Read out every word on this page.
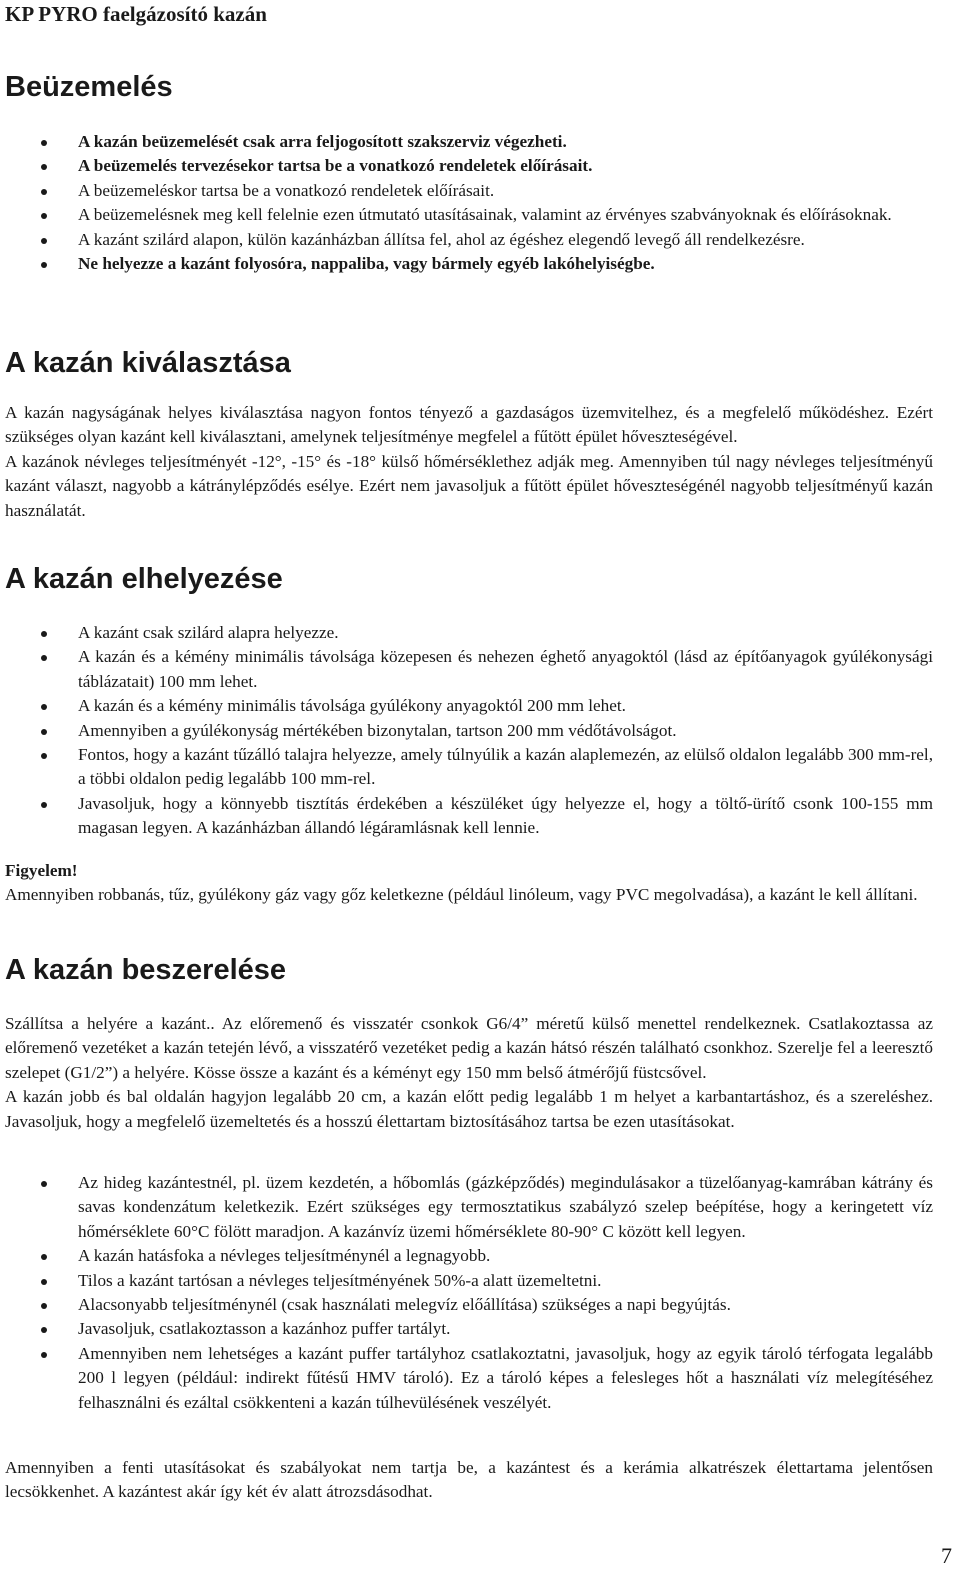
KP PYRO faelgázosító kazán
Beüzemelés
A kazán beüzemelését csak arra feljogosított szakszerviz végezheti.
A beüzemelés tervezésekor tartsa be a vonatkozó rendeletek előírásait.
A beüzemeléskor tartsa be a vonatkozó rendeletek előírásait.
A beüzemelésnek meg kell felelnie ezen útmutató utasításainak, valamint az érvényes szabványoknak és előírásoknak.
A kazánt szilárd alapon, külön kazánházban állítsa fel, ahol az égéshez elegendő levegő áll rendelkezésre.
Ne helyezze a kazánt folyosóra, nappaliba, vagy bármely egyéb lakóhelyiségbe.
A kazán kiválasztása

A kazán nagyságának helyes kiválasztása nagyon fontos tényező a gazdaságos üzemvitelhez, és a megfelelő működéshez. Ezért szükséges olyan kazánt kell kiválasztani, amelynek teljesítménye megfelel a fűtött épület hőveszteségével.

A kazánok névleges teljesítményét -12°, -15° és -18° külső hőmérséklethez adják meg. Amennyiben túl nagy névleges teljesítményű kazánt választ, nagyobb a kátránylépződés esélye. Ezért nem javasoljuk a fűtött épület hőveszteségénél nagyobb teljesítményű kazán használatát.

A kazán elhelyezése
A kazánt csak szilárd alapra helyezze.
A kazán és a kémény minimális távolsága közepesen és nehezen éghető anyagoktól (lásd az építőanyagok gyúlékonysági táblázatait) 100 mm lehet.
A kazán és a kémény minimális távolsága gyúlékony anyagoktól 200 mm lehet.
Amennyiben a gyúlékonyság mértékében bizonytalan, tartson 200 mm védőtávolságot.
Fontos, hogy a kazánt tűzálló talajra helyezze, amely túlnyúlik a kazán alaplemezén, az elülső oldalon legalább 300 mm-rel, a többi oldalon pedig legalább 100 mm-rel.
Javasoljuk, hogy a könnyebb tisztítás érdekében a készüléket úgy helyezze el, hogy a töltő-ürítő csonk 100-155 mm magasan legyen. A kazánházban állandó légáramlásnak kell lennie.

Figyelem!

Amennyiben robbanás, tűz, gyúlékony gáz vagy gőz keletkezne (például linóleum, vagy PVC megolvadása), a kazánt le kell állítani.

A kazán beszerelése

Szállítsa a helyére a kazánt.. Az előremenő és visszatér csonkok G6/4” méretű külső menettel rendelkeznek. Csatlakoztassa az előremenő vezetéket a kazán tetején lévő, a visszatérő vezetéket pedig a kazán hátsó részén található csonkhoz. Szerelje fel a leeresztő szelepet (G1/2”) a helyére. Kösse össze a kazánt és a kéményt egy 150 mm belső átmérőjű füstcsővel.

A kazán jobb és bal oldalán hagyjon legalább 20 cm, a kazán előtt pedig legalább 1 m helyet a karbantartáshoz, és a szereléshez. Javasoljuk, hogy a megfelelő üzemeltetés és a hosszú élettartam biztosításához tartsa be ezen utasításokat.

Az hideg kazántestnél, pl. üzem kezdetén, a hőbomlás (gázképződés) megindulásakor a tüzelőanyag-kamrában kátrány és savas kondenzátum keletkezik. Ezért szükséges egy termosztatikus szabályzó szelep beépítése, hogy a keringetett víz hőmérséklete 60°C fölött maradjon. A kazánvíz üzemi hőmérséklete 80-90° C között kell legyen.
A kazán hatásfoka a névleges teljesítménynél a legnagyobb.
Tilos a kazánt tartósan a névleges teljesítményének 50%-a alatt üzemeltetni.
Alacsonyabb teljesítménynél (csak használati melegvíz előállítása) szükséges a napi begyújtás.
Javasoljuk, csatlakoztasson a kazánhoz puffer tartályt.
Amennyiben nem lehetséges a kazánt puffer tartályhoz csatlakoztatni, javasoljuk, hogy az egyik tároló térfogata legalább 200 l legyen (például: indirekt fűtésű HMV tároló). Ez a tároló képes a felesleges hőt a használati víz melegítéséhez felhasználni és ezáltal csökkenteni a kazán túlhevülésének veszélyét.

Amennyiben a fenti utasításokat és szabályokat nem tartja be, a kazántest és a kerámia alkatrészek élettartama jelentősen lecsökkenhet. A kazántest akár így két év alatt átrozsdásodhat.

7
